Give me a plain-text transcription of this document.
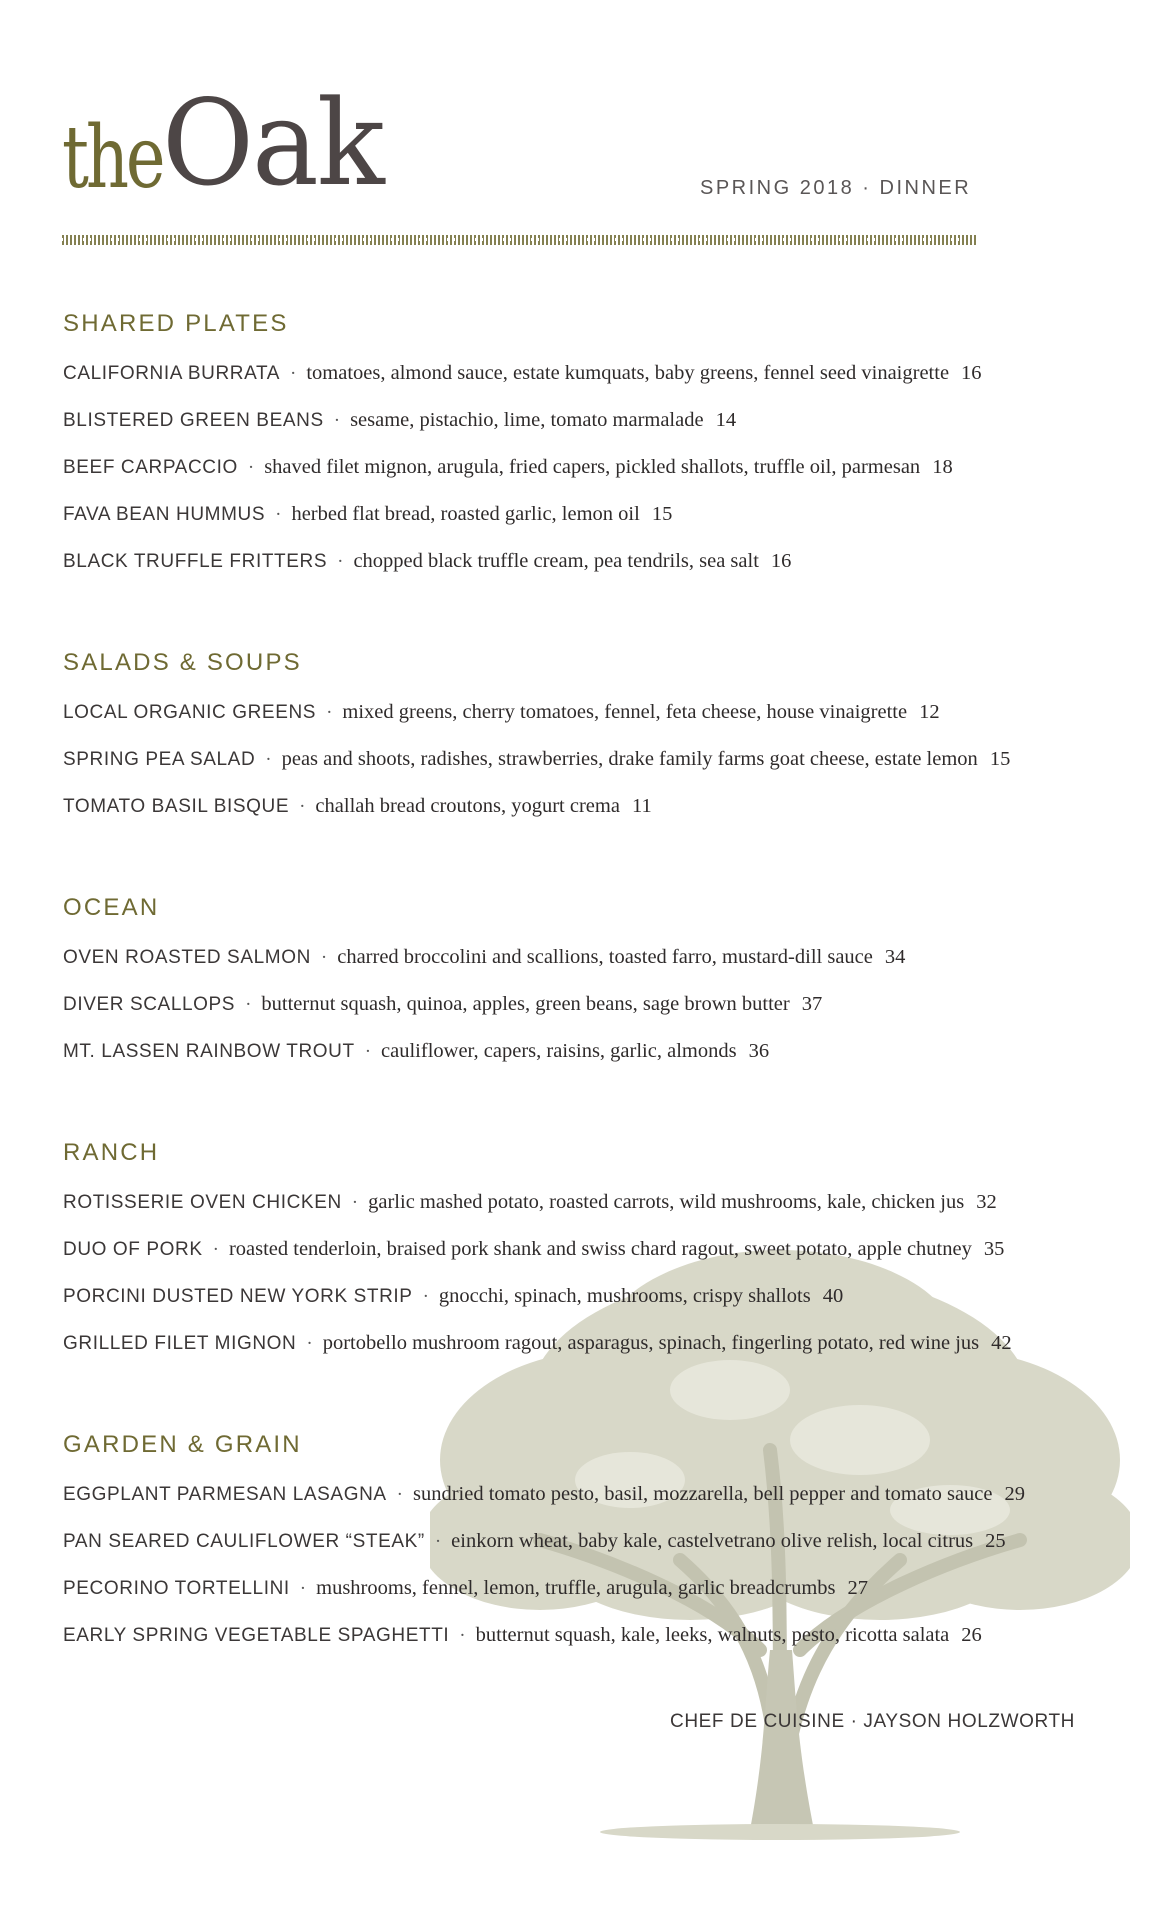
the Oak	SPRING 2018 · DINNER
SHARED PLATES
CALIFORNIA BURRATA · tomatoes, almond sauce, estate kumquats, baby greens, fennel seed vinaigrette 16
BLISTERED GREEN BEANS · sesame, pistachio, lime, tomato marmalade 14
BEEF CARPACCIO · shaved filet mignon, arugula, fried capers, pickled shallots, truffle oil, parmesan 18
FAVA BEAN HUMMUS · herbed flat bread, roasted garlic, lemon oil 15
BLACK TRUFFLE FRITTERS · chopped black truffle cream, pea tendrils, sea salt 16
SALADS & SOUPS
LOCAL ORGANIC GREENS · mixed greens, cherry tomatoes, fennel, feta cheese, house vinaigrette 12
SPRING PEA SALAD · peas and shoots, radishes, strawberries, drake family farms goat cheese, estate lemon 15
TOMATO BASIL BISQUE · challah bread croutons, yogurt crema 11
OCEAN
OVEN ROASTED SALMON · charred broccolini and scallions, toasted farro, mustard-dill sauce 34
DIVER SCALLOPS · butternut squash, quinoa, apples, green beans, sage brown butter 37
MT. LASSEN RAINBOW TROUT · cauliflower, capers, raisins, garlic, almonds 36
RANCH
ROTISSERIE OVEN CHICKEN · garlic mashed potato, roasted carrots, wild mushrooms, kale, chicken jus 32
DUO OF PORK · roasted tenderloin, braised pork shank and swiss chard ragout, sweet potato, apple chutney 35
PORCINI DUSTED NEW YORK STRIP · gnocchi, spinach, mushrooms, crispy shallots 40
GRILLED FILET MIGNON · portobello mushroom ragout, asparagus, spinach, fingerling potato, red wine jus 42
GARDEN & GRAIN
EGGPLANT PARMESAN LASAGNA · sundried tomato pesto, basil, mozzarella, bell pepper and tomato sauce 29
PAN SEARED CAULIFLOWER “STEAK” · einkorn wheat, baby kale, castelvetrano olive relish, local citrus 25
PECORINO TORTELLINI · mushrooms, fennel, lemon, truffle, arugula, garlic breadcrumbs 27
EARLY SPRING VEGETABLE SPAGHETTI · butternut squash, kale, leeks, walnuts, pesto, ricotta salata 26
CHEF DE CUISINE · JAYSON HOLZWORTH
